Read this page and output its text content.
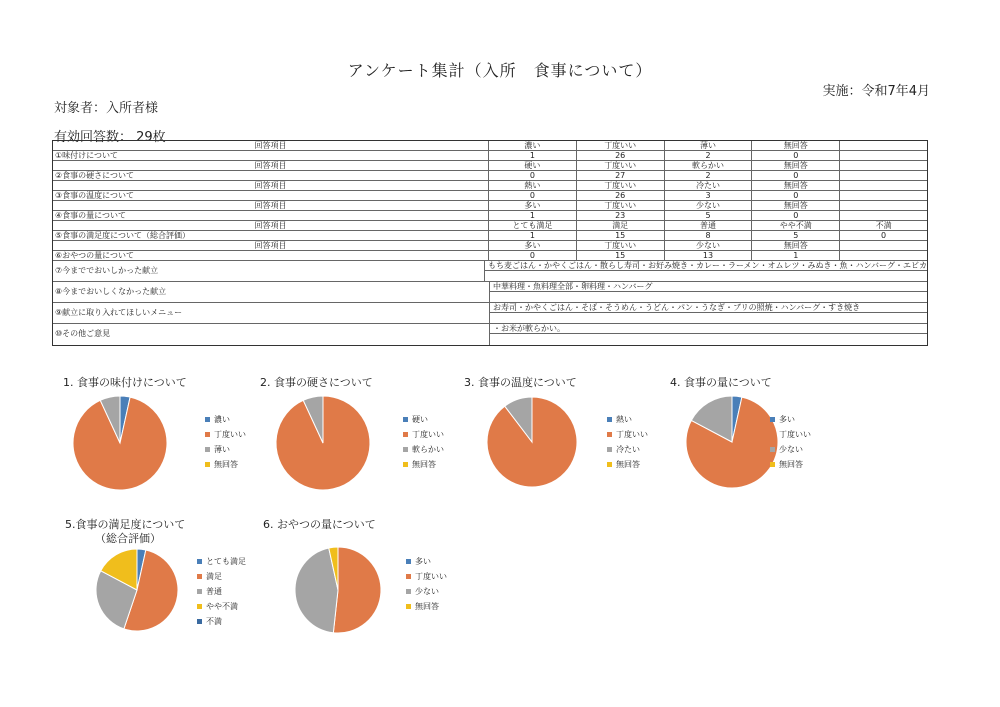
アンケート集計（入所　食事について）
実施：令和7年4月
対象者：入所者様
有効回答数： 29枚
回答項目	濃い	丁度いい	薄い	無回答
①味付けについて	1	26	2	0
回答項目	硬い	丁度いい	軟らかい	無回答
②食事の硬さについて	0	27	2	0
回答項目	熱い	丁度いい	冷たい	無回答
③食事の温度について	0	26	3	0
回答項目	多い	丁度いい	少ない	無回答
④食事の量について	1	23	5	0
回答項目	とても満足	満足	普通	やや不満	不満
⑤食事の満足度について（総合評価）	1	15	8	5	0
回答項目	多い	丁度いい	少ない	無回答
⑥おやつの量について	0	15	13	1
⑦今まででおいしかった献立
もち麦ごはん・かやくごはん・散らし寿司・お好み焼き・カレー・ラーメン・オムレツ・みぬき・魚・ハンバーグ・エビカ
⑧今までおいしくなかった献立
中華料理・魚料理全部・卵料理・ハンバーグ
⑨献立に取り入れてほしいメニュー
お寿司・かやくごはん・そば・そうめん・うどん・パン・うなぎ・ブリの照焼・ハンバーグ・すき焼き
⑩その他ご意見
・お米が軟らかい。
1. 食事の味付けについて
濃い
丁度いい
薄い
無回答
2. 食事の硬さについて
硬い
丁度いい
軟らかい
無回答
3. 食事の温度について
熱い
丁度いい
冷たい
無回答
4. 食事の量について
多い
丁度いい
少ない
無回答
5.食事の満足度について
（総合評価）
とても満足
満足
普通
やや不満
不満
6. おやつの量について
多い
丁度いい
少ない
無回答
